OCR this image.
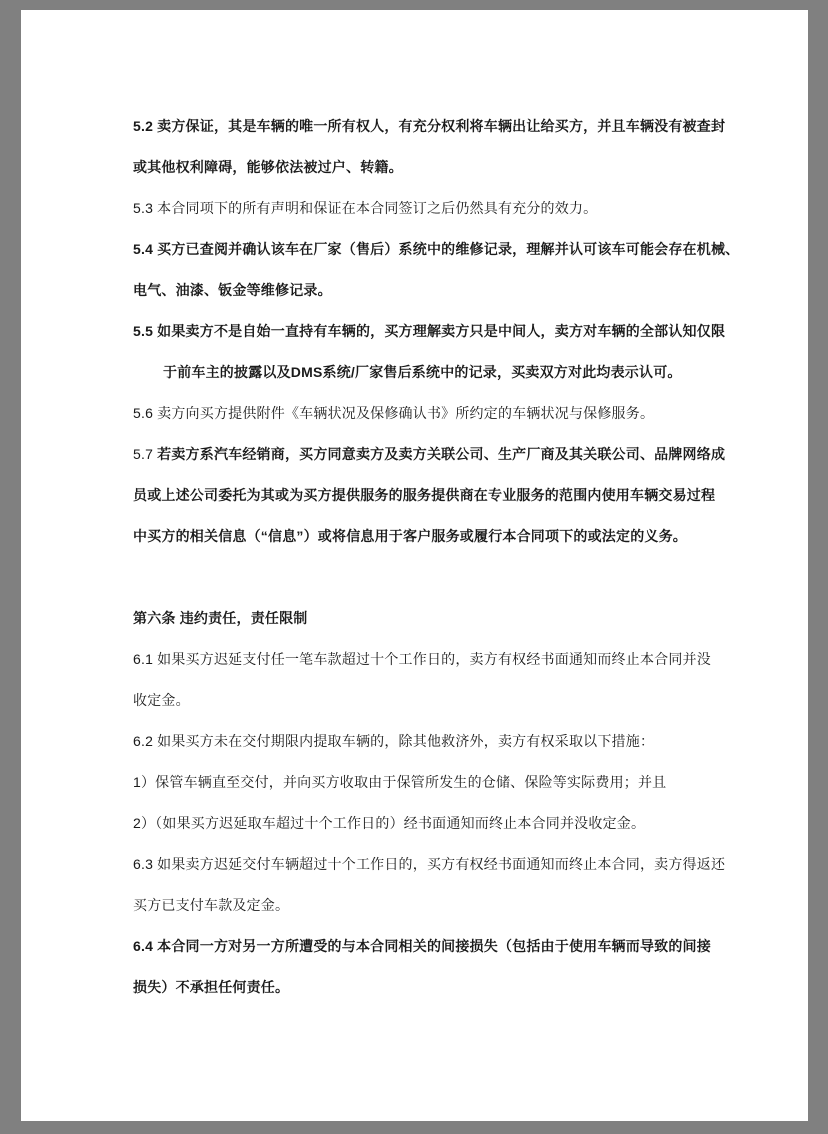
5.2 卖方保证，其是车辆的唯一所有权人，有充分权利将车辆出让给买方，并且车辆没有被查封
或其他权利障碍，能够依法被过户、转籍。
5.3 本合同项下的所有声明和保证在本合同签订之后仍然具有充分的效力。
5.4 买方已查阅并确认该车在厂家（售后）系统中的维修记录，理解并认可该车可能会存在机械、
电气、油漆、钣金等维修记录。
5.5 如果卖方不是自始一直持有车辆的，买方理解卖方只是中间人，卖方对车辆的全部认知仅限
于前车主的披露以及DMS系统/厂家售后系统中的记录，买卖双方对此均表示认可。
5.6 卖方向买方提供附件《车辆状况及保修确认书》所约定的车辆状况与保修服务。
5.7 若卖方系汽车经销商，买方同意卖方及卖方关联公司、生产厂商及其关联公司、品牌网络成
员或上述公司委托为其或为买方提供服务的服务提供商在专业服务的范围内使用车辆交易过程
中买方的相关信息（“信息”）或将信息用于客户服务或履行本合同项下的或法定的义务。
第六条 违约责任，责任限制
6.1 如果买方迟延支付任一笔车款超过十个工作日的，卖方有权经书面通知而终止本合同并没
收定金。
6.2 如果买方未在交付期限内提取车辆的，除其他救济外，卖方有权采取以下措施：
1）保管车辆直至交付，并向买方收取由于保管所发生的仓储、保险等实际费用；并且
2）（如果买方迟延取车超过十个工作日的）经书面通知而终止本合同并没收定金。
6.3 如果卖方迟延交付车辆超过十个工作日的，买方有权经书面通知而终止本合同，卖方得返还
买方已支付车款及定金。
6.4 本合同一方对另一方所遭受的与本合同相关的间接损失（包括由于使用车辆而导致的间接
损失）不承担任何责任。
